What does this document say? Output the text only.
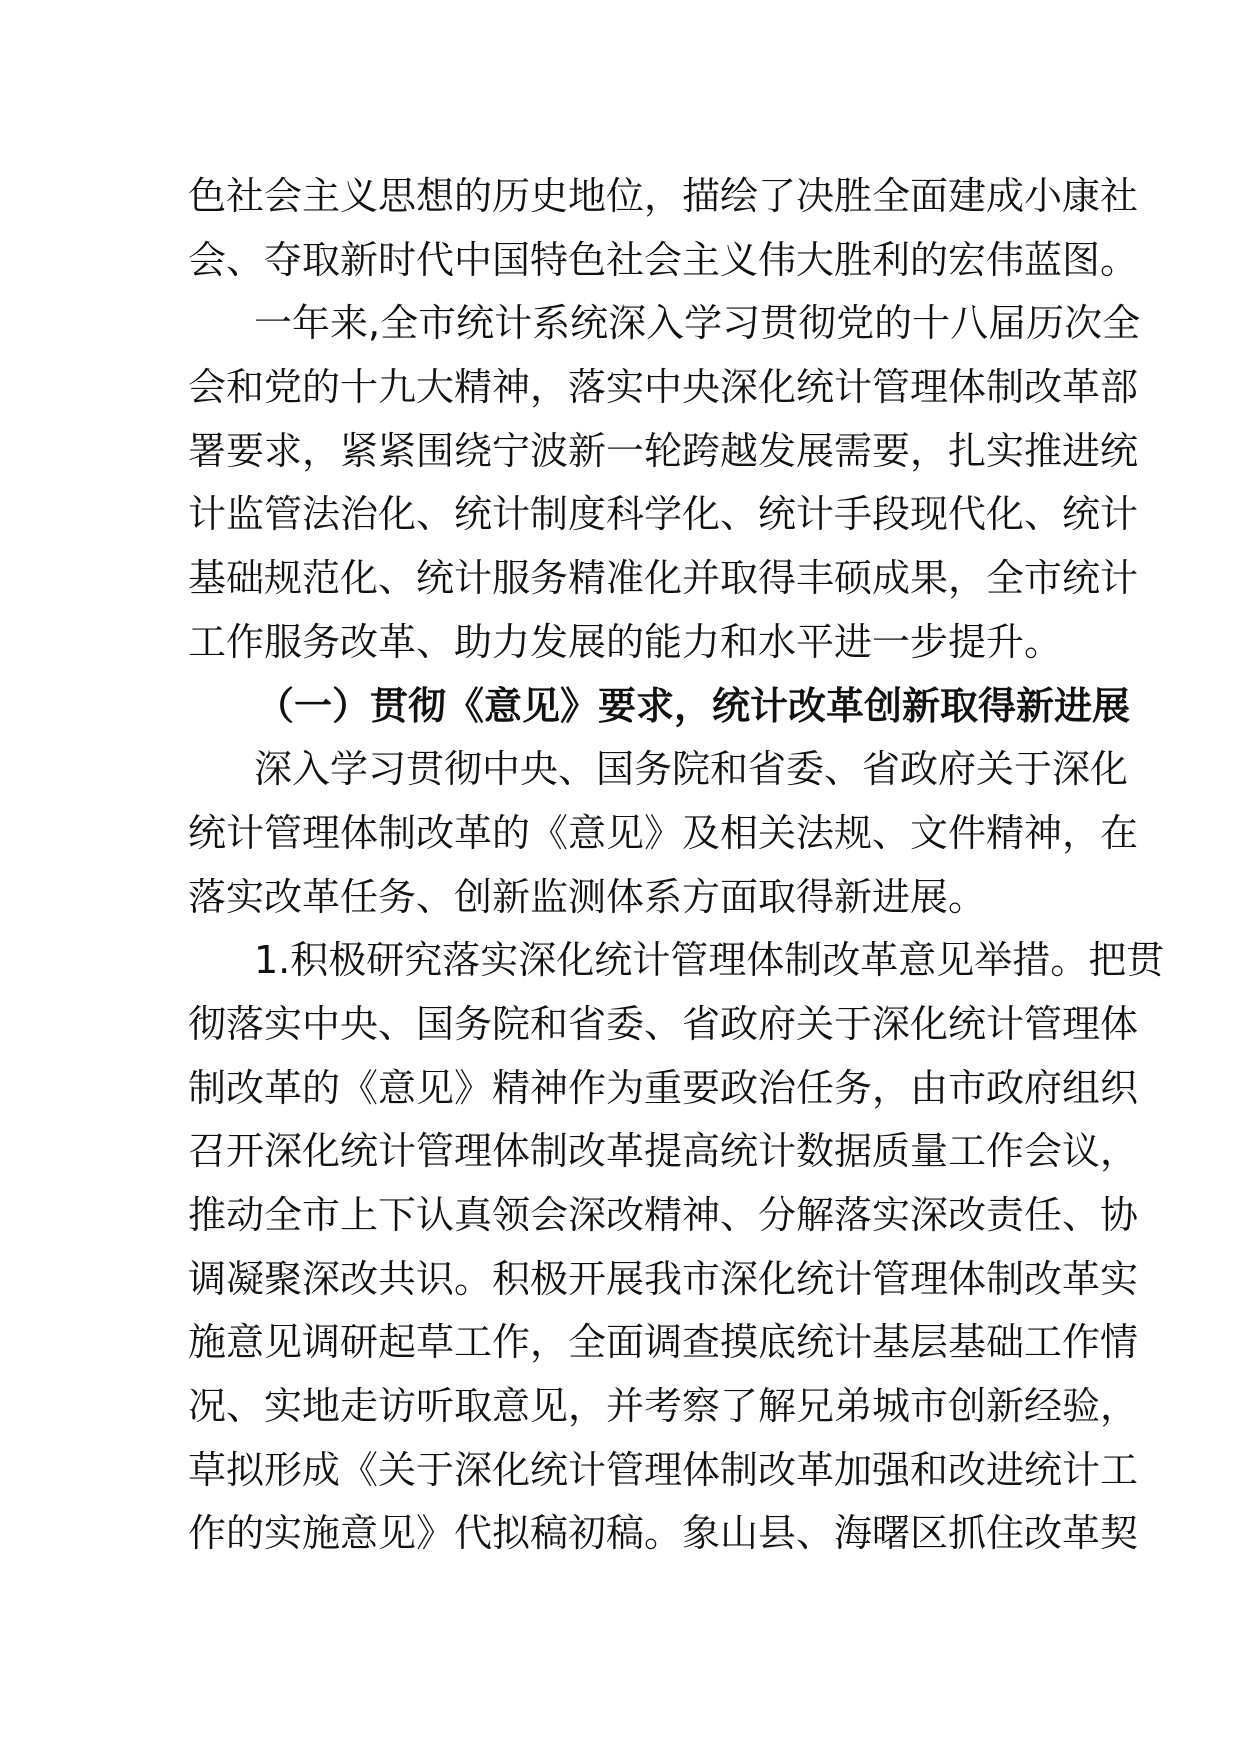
色社会主义思想的历史地位，描绘了决胜全面建成小康社
会、夺取新时代中国特色社会主义伟大胜利的宏伟蓝图。
一年来,全市统计系统深入学习贯彻党的十八届历次全
会和党的十九大精神，落实中央深化统计管理体制改革部
署要求，紧紧围绕宁波新一轮跨越发展需要，扎实推进统
计监管法治化、统计制度科学化、统计手段现代化、统计
基础规范化、统计服务精准化并取得丰硕成果，全市统计
工作服务改革、助力发展的能力和水平进一步提升。
（一）贯彻《意见》要求，统计改革创新取得新进展
深入学习贯彻中央、国务院和省委、省政府关于深化
统计管理体制改革的《意见》及相关法规、文件精神，在
落实改革任务、创新监测体系方面取得新进展。
1.积极研究落实深化统计管理体制改革意见举措。把贯
彻落实中央、国务院和省委、省政府关于深化统计管理体
制改革的《意见》精神作为重要政治任务，由市政府组织
召开深化统计管理体制改革提高统计数据质量工作会议，
推动全市上下认真领会深改精神、分解落实深改责任、协
调凝聚深改共识。积极开展我市深化统计管理体制改革实
施意见调研起草工作，全面调查摸底统计基层基础工作情
况、实地走访听取意见，并考察了解兄弟城市创新经验，
草拟形成《关于深化统计管理体制改革加强和改进统计工
作的实施意见》代拟稿初稿。象山县、海曙区抓住改革契
